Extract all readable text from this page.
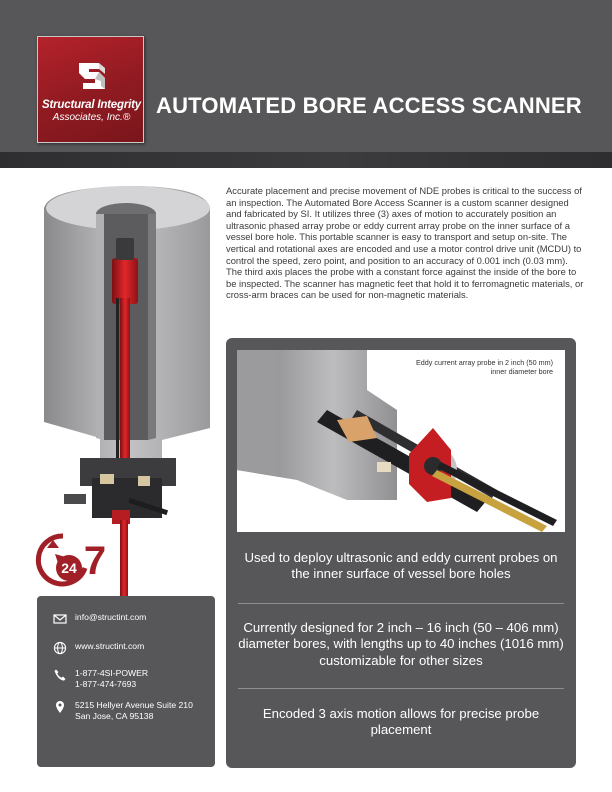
Structural Integrity
Associates, Inc.®	AUTOMATED BORE ACCESS SCANNER
24 7

Accurate placement and precise movement of NDE probes is critical to the success of an inspection. The Automated Bore Access Scanner is a custom scanner designed and fabricated by SI. It utilizes three (3) axes of motion to accurately position an ultrasonic phased array probe or eddy current array probe on the inner surface of a vessel bore hole. This portable scanner is easy to transport and setup on-site. The vertical and rotational axes are encoded and use a motor control drive unit (MCDU) to control the speed, zero point, and position to an accuracy of 0.001 inch (0.03 mm). The third axis places the probe with a constant force against the inside of the bore to be inspected. The scanner has magnetic feet that hold it to ferromagnetic materials, or cross-arm braces can be used for non-magnetic materials.

info@structint.com
www.structint.com
1-877-4SI-POWER
1-877-474-7693
5215 Hellyer Avenue Suite 210
San Jose, CA 95138
Eddy current array probe in 2 inch (50 mm)
inner diameter bore
Used to deploy ultrasonic and eddy current probes on the inner surface of vessel bore holes
Currently designed for 2 inch – 16 inch (50 – 406 mm) diameter bores, with lengths up to 40 inches (1016 mm) customizable for other sizes
Encoded 3 axis motion allows for precise probe placement
